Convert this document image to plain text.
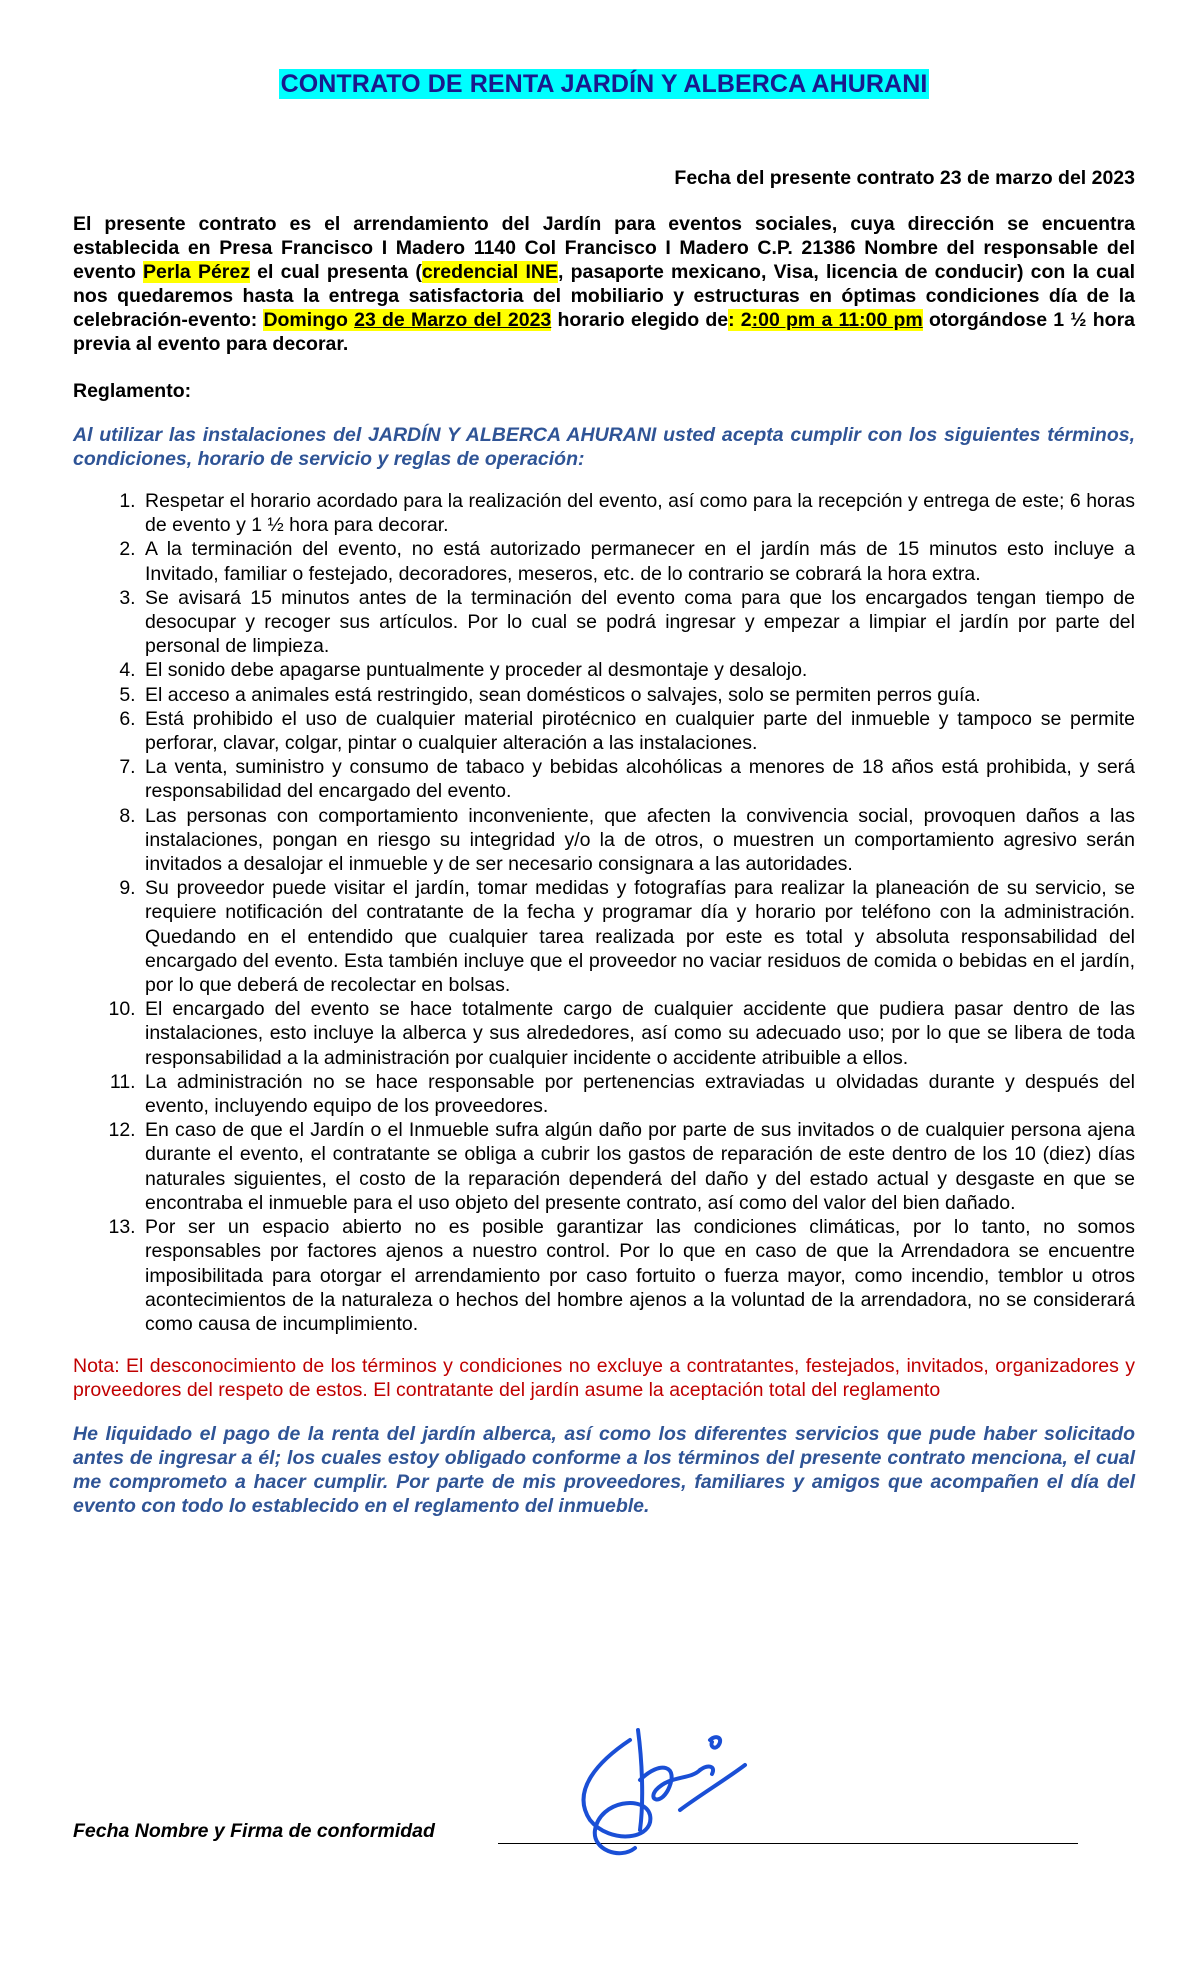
CONTRATO DE RENTA JARDÍN Y ALBERCA AHURANI
Fecha del presente contrato 23 de marzo del 2023
El presente contrato es el arrendamiento del Jardín para eventos sociales, cuya dirección se encuentra establecida en Presa Francisco I Madero 1140 Col Francisco I Madero C.P. 21386 Nombre del responsable del evento Perla Pérez el cual presenta (credencial INE, pasaporte mexicano, Visa, licencia de conducir) con la cual nos quedaremos hasta la entrega satisfactoria del mobiliario y estructuras en óptimas condiciones día de la celebración-evento: Domingo 23 de Marzo del 2023 horario elegido de: 2:00 pm a 11:00 pm otorgándose 1 ½ hora previa al evento para decorar.
Reglamento:
Al utilizar las instalaciones del JARDÍN Y ALBERCA AHURANI usted acepta cumplir con los siguientes términos, condiciones, horario de servicio y reglas de operación:
1. Respetar el horario acordado para la realización del evento, así como para la recepción y entrega de este; 6 horas de evento y 1 ½ hora para decorar.
2. A la terminación del evento, no está autorizado permanecer en el jardín más de 15 minutos esto incluye a Invitado, familiar o festejado, decoradores, meseros, etc. de lo contrario se cobrará la hora extra.
3. Se avisará 15 minutos antes de la terminación del evento coma para que los encargados tengan tiempo de desocupar y recoger sus artículos. Por lo cual se podrá ingresar y empezar a limpiar el jardín por parte del personal de limpieza.
4. El sonido debe apagarse puntualmente y proceder al desmontaje y desalojo.
5. El acceso a animales está restringido, sean domésticos o salvajes, solo se permiten perros guía.
6. Está prohibido el uso de cualquier material pirotécnico en cualquier parte del inmueble y tampoco se permite perforar, clavar, colgar, pintar o cualquier alteración a las instalaciones.
7. La venta, suministro y consumo de tabaco y bebidas alcohólicas a menores de 18 años está prohibida, y será responsabilidad del encargado del evento.
8. Las personas con comportamiento inconveniente, que afecten la convivencia social, provoquen daños a las instalaciones, pongan en riesgo su integridad y/o la de otros, o muestren un comportamiento agresivo serán invitados a desalojar el inmueble y de ser necesario consignara a las autoridades.
9. Su proveedor puede visitar el jardín, tomar medidas y fotografías para realizar la planeación de su servicio, se requiere notificación del contratante de la fecha y programar día y horario por teléfono con la administración. Quedando en el entendido que cualquier tarea realizada por este es total y absoluta responsabilidad del encargado del evento. Esta también incluye que el proveedor no vaciar residuos de comida o bebidas en el jardín, por lo que deberá de recolectar en bolsas.
10. El encargado del evento se hace totalmente cargo de cualquier accidente que pudiera pasar dentro de las instalaciones, esto incluye la alberca y sus alrededores, así como su adecuado uso; por lo que se libera de toda responsabilidad a la administración por cualquier incidente o accidente atribuible a ellos.
11. La administración no se hace responsable por pertenencias extraviadas u olvidadas durante y después del evento, incluyendo equipo de los proveedores.
12. En caso de que el Jardín o el Inmueble sufra algún daño por parte de sus invitados o de cualquier persona ajena durante el evento, el contratante se obliga a cubrir los gastos de reparación de este dentro de los 10 (diez) días naturales siguientes, el costo de la reparación dependerá del daño y del estado actual y desgaste en que se encontraba el inmueble para el uso objeto del presente contrato, así como del valor del bien dañado.
13. Por ser un espacio abierto no es posible garantizar las condiciones climáticas, por lo tanto, no somos responsables por factores ajenos a nuestro control. Por lo que en caso de que la Arrendadora se encuentre imposibilitada para otorgar el arrendamiento por caso fortuito o fuerza mayor, como incendio, temblor u otros acontecimientos de la naturaleza o hechos del hombre ajenos a la voluntad de la arrendadora, no se considerará como causa de incumplimiento.
Nota: El desconocimiento de los términos y condiciones no excluye a contratantes, festejados, invitados, organizadores y proveedores del respeto de estos. El contratante del jardín asume la aceptación total del reglamento
He liquidado el pago de la renta del jardín alberca, así como los diferentes servicios que pude haber solicitado antes de ingresar a él; los cuales estoy obligado conforme a los términos del presente contrato menciona, el cual me comprometo a hacer cumplir. Por parte de mis proveedores, familiares y amigos que acompañen el día del evento con todo lo establecido en el reglamento del inmueble.
Fecha Nombre y Firma de conformidad
